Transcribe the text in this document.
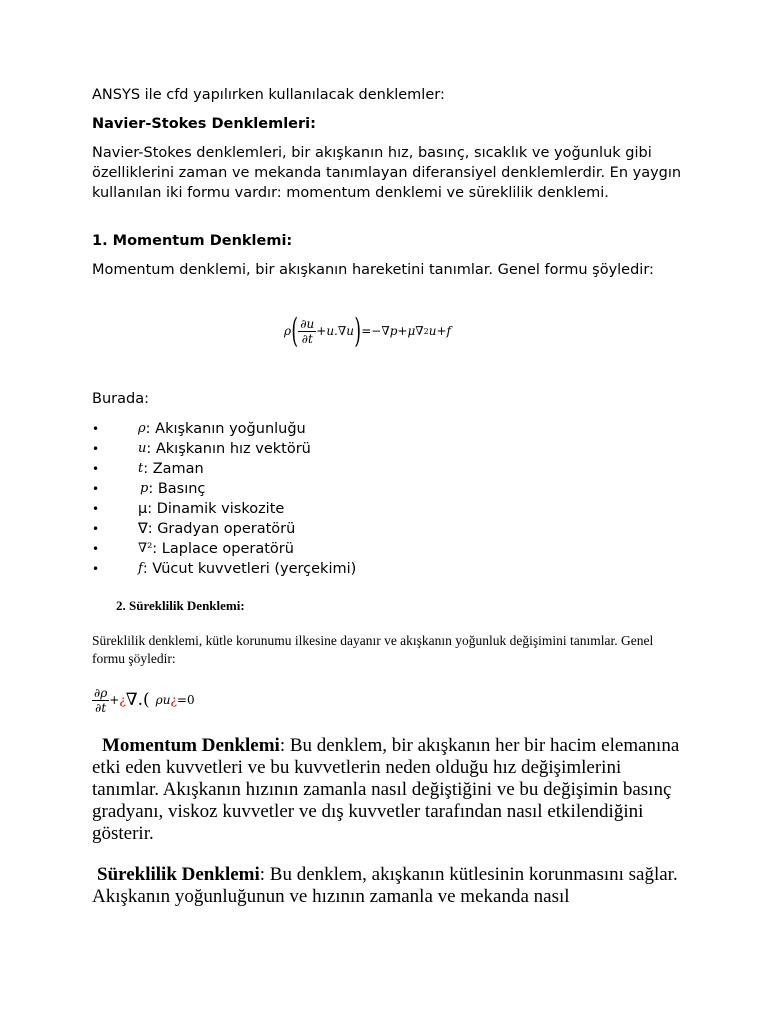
ANSYS ile cfd yapılırken kullanılacak denklemler:

Navier-Stokes Denklemleri:

Navier-Stokes denklemleri, bir akışkanın hız, basınç, sıcaklık ve yoğunluk gibi özelliklerini zaman ve mekanda tanımlayan diferansiyel denklemlerdir. En yaygın kullanılan iki formu vardır: momentum denklemi ve süreklilik denklemi.

1. Momentum Denklemi:

Momentum denklemi, bir akışkanın hareketini tanımlar. Genel formu şöyledir:

ρ ( $\frac{\partial u}{\partial t} +u.\nabla u$ ) =−∇p+μ∇ 2 u+f

Burada:

•	ρ : Akışkanın yoğunluğu
•	u : Akışkanın hız vektörü
•	t : Zaman
•	p : Basınç
•	µ: Dinamik viskozite
•	∇: Gradyan operatörü
•	∇² : Laplace operatörü
•	f : Vücut kuvvetleri (yerçekimi)

2. Süreklilik Denklemi:

Süreklilik denklemi, kütle korunumu ilkesine dayanır ve akışkanın yoğunluk değişimini tanımlar. Genel formu şöyledir:

$\frac{\partial\rho}{\partial t}$ + ¿ ∇.( ρu ¿ =0

Momentum Denklemi: Bu denklem, bir akışkanın her bir hacim elemanına etki eden kuvvetleri ve bu kuvvetlerin neden olduğu hız değişimlerini tanımlar. Akışkanın hızının zamanla nasıl değiştiğini ve bu değişimin basınç gradyanı, viskoz kuvvetler ve dış kuvvetler tarafından nasıl etkilendiğini gösterir.

Süreklilik Denklemi: Bu denklem, akışkanın kütlesinin korunmasını sağlar. Akışkanın yoğunluğunun ve hızının zamanla ve mekanda nasıl
